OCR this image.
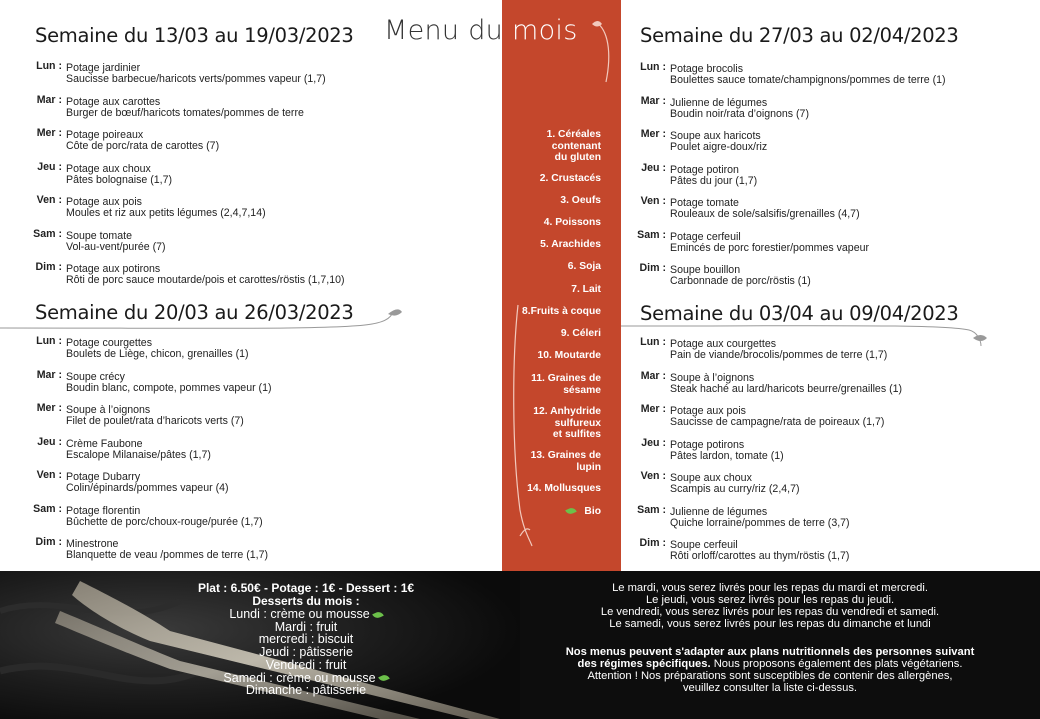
Menu du mois
1. Céréales
contenant
du gluten
2. Crustacés
3. Oeufs
4. Poissons
5. Arachides
6. Soja
7. Lait
8.Fruits à coque
9. Céleri
10. Moutarde
11. Graines de
sésame
12. Anhydride
sulfureux
et sulfites
13. Graines de
lupin
14. Mollusques
Bio
Semaine du 13/03 au 19/03/2023
Lun : Potage jardinier
Saucisse barbecue/haricots verts/pommes vapeur (1,7)
Mar : Potage aux carottes
Burger de bœuf/haricots tomates/pommes de terre
Mer : Potage poireaux
Côte de porc/rata de carottes (7)
Jeu : Potage aux choux
Pâtes bolognaise (1,7)
Ven : Potage aux pois
Moules et riz aux petits légumes (2,4,7,14)
Sam : Soupe tomate
Vol-au-vent/purée (7)
Dim : Potage aux potirons
Rôti de porc sauce moutarde/pois et carottes/röstis (1,7,10)
Semaine du 20/03 au 26/03/2023
Lun : Potage courgettes
Boulets de Liège, chicon, grenailles (1)
Mar : Soupe crécy
Boudin blanc, compote, pommes vapeur (1)
Mer : Soupe à l’oignons
Filet de poulet/rata d’haricots verts (7)
Jeu : Crème Faubone
Escalope Milanaise/pâtes (1,7)
Ven : Potage Dubarry
Colin/épinards/pommes vapeur (4)
Sam : Potage florentin
Bûchette de porc/choux-rouge/purée (1,7)
Dim : Minestrone
Blanquette de veau /pommes de terre (1,7)
Semaine du 27/03 au 02/04/2023
Lun : Potage brocolis
Boulettes sauce tomate/champignons/pommes de terre (1)
Mar : Julienne de légumes
Boudin noir/rata d’oignons (7)
Mer : Soupe aux haricots
Poulet aigre-doux/riz
Jeu : Potage potiron
Pâtes du jour (1,7)
Ven : Potage tomate
Rouleaux de sole/salsifis/grenailles (4,7)
Sam : Potage cerfeuil
Emincés de porc forestier/pommes vapeur
Dim : Soupe bouillon
Carbonnade de porc/röstis (1)
Semaine du 03/04 au 09/04/2023
Lun : Potage aux courgettes
Pain de viande/brocolis/pommes de terre (1,7)
Mar : Soupe à l’oignons
Steak haché au lard/haricots beurre/grenailles (1)
Mer : Potage aux pois
Saucisse de campagne/rata de poireaux (1,7)
Jeu : Potage potirons
Pâtes lardon, tomate (1)
Ven : Soupe aux choux
Scampis au curry/riz (2,4,7)
Sam : Julienne de légumes
Quiche lorraine/pommes de terre (3,7)
Dim : Soupe cerfeuil
Rôti orloff/carottes au thym/röstis (1,7)
Plat : 6.50€ - Potage : 1€ - Dessert : 1€
Desserts du mois :
Lundi : crème ou mousse
Mardi : fruit
mercredi : biscuit
Jeudi : pâtisserie
Vendredi : fruit
Samedi : crème ou mousse
Dimanche : pâtisserie
Le mardi, vous serez livrés pour les repas du mardi et mercredi.
Le jeudi, vous serez livrés pour les repas du jeudi.
Le vendredi, vous serez livrés pour les repas du vendredi et samedi.
Le samedi, vous serez livrés pour les repas du dimanche et lundi
Nos menus peuvent s'adapter aux plans nutritionnels des personnes suivant
des régimes spécifiques. Nous proposons également des plats végétariens.
Attention ! Nos préparations sont susceptibles de contenir des allergènes,
veuillez consulter la liste ci-dessus.
